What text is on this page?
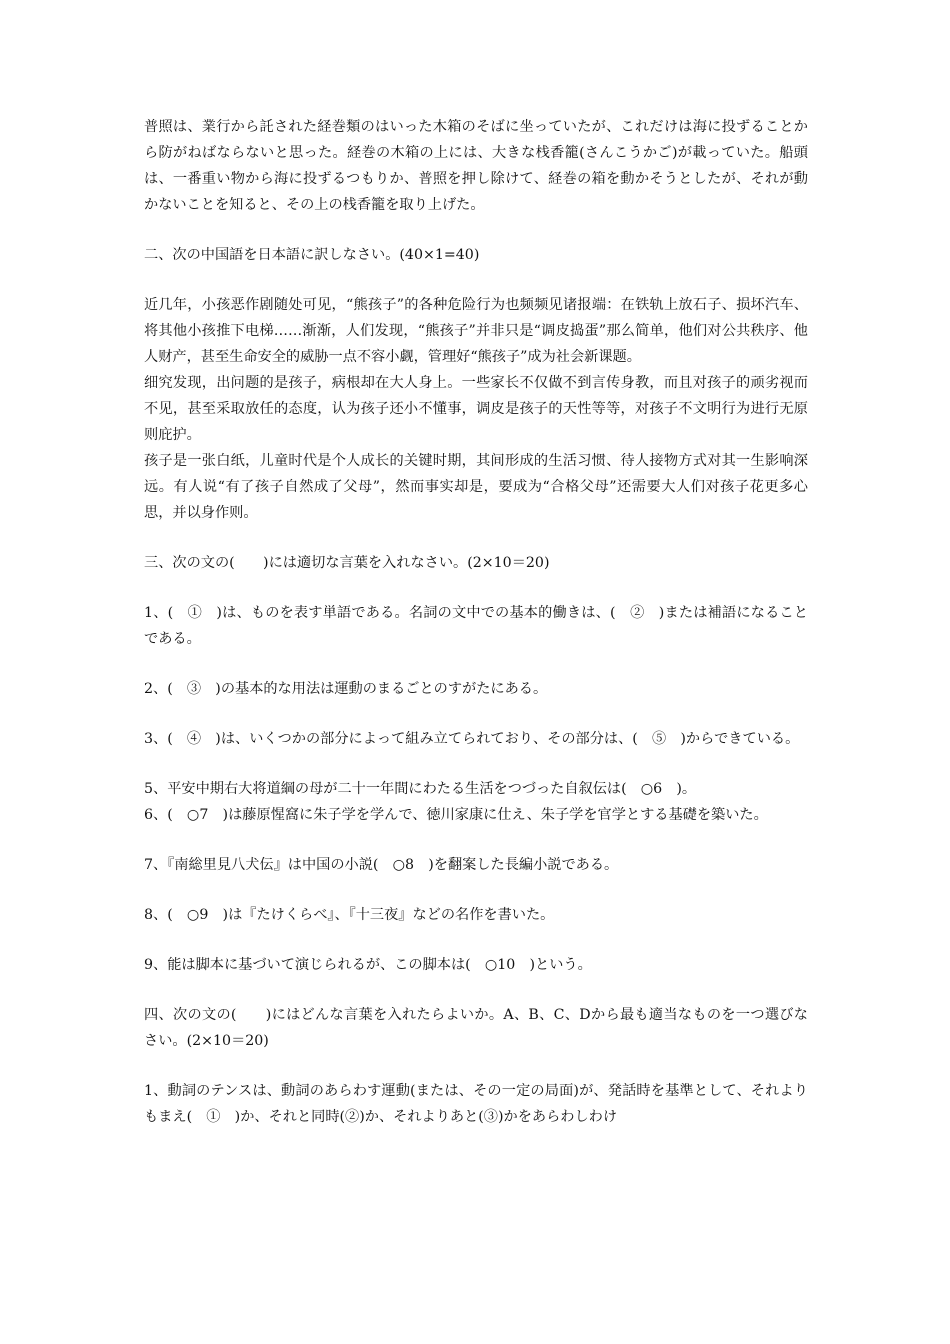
普照は、業行から託された経巻類のはいった木箱のそばに坐っていたが、これだけは海に投ずることから防がねばならないと思った。経巻の木箱の上には、大きな栈香籠(さんこうかご)が載っていた。船頭は、一番重い物から海に投ずるつもりか、普照を押し除けて、経巻の箱を動かそうとしたが、それが動かないことを知ると、その上の栈香籠を取り上げた。

二、次の中国語を日本語に訳しなさい。(40×1=40)

近几年，小孩恶作剧随处可见，“熊孩子”的各种危险行为也频频见诸报端：在铁轨上放石子、损坏汽车、将其他小孩推下电梯……渐渐，人们发现，“熊孩子”并非只是“调皮捣蛋”那么简单，他们对公共秩序、他人财产，甚至生命安全的威胁一点不容小觑，管理好“熊孩子”成为社会新课题。

细究发现，出问题的是孩子，病根却在大人身上。一些家长不仅做不到言传身教，而且对孩子的顽劣视而不见，甚至采取放任的态度，认为孩子还小不懂事，调皮是孩子的天性等等，对孩子不文明行为进行无原则庇护。

孩子是一张白纸，儿童时代是个人成长的关键时期，其间形成的生活习惯、待人接物方式对其一生影响深远。有人说“有了孩子自然成了父母”，然而事实却是，要成为“合格父母”还需要大人们对孩子花更多心思，并以身作则。

三、次の文の(　　)には適切な言葉を入れなさい。(2×10＝20)

1、(　①　)は、ものを表す単語である。名詞の文中での基本的働きは、(　②　)または補語になることである。

2、(　③　)の基本的な用法は運動のまるごとのすがたにある。

3、(　④　)は、いくつかの部分によって組み立てられており、その部分は、(　⑤　)からできている。

5、平安中期右大将道綱の母が二十一年間にわたる生活をつづった自叙伝は(　○6　)。

6、(　○7　)は藤原惺窩に朱子学を学んで、徳川家康に仕え、朱子学を官学とする基礎を築いた。

7、『南総里見八犬伝』は中国の小説(　○8　)を翻案した長編小説である。

8、(　○9　)は『たけくらべ』、『十三夜』などの名作を書いた。

9、能は脚本に基づいて演じられるが、この脚本は(　○10　)という。

四、次の文の(　　)にはどんな言葉を入れたらよいか。A、B、C、Dから最も適当なものを一つ選びなさい。(2×10＝20)

1、動詞のテンスは、動詞のあらわす運動(または、その一定の局面)が、発話時を基準として、それよりもまえ(　①　)か、それと同時(②)か、それよりあと(③)かをあらわしわけ
